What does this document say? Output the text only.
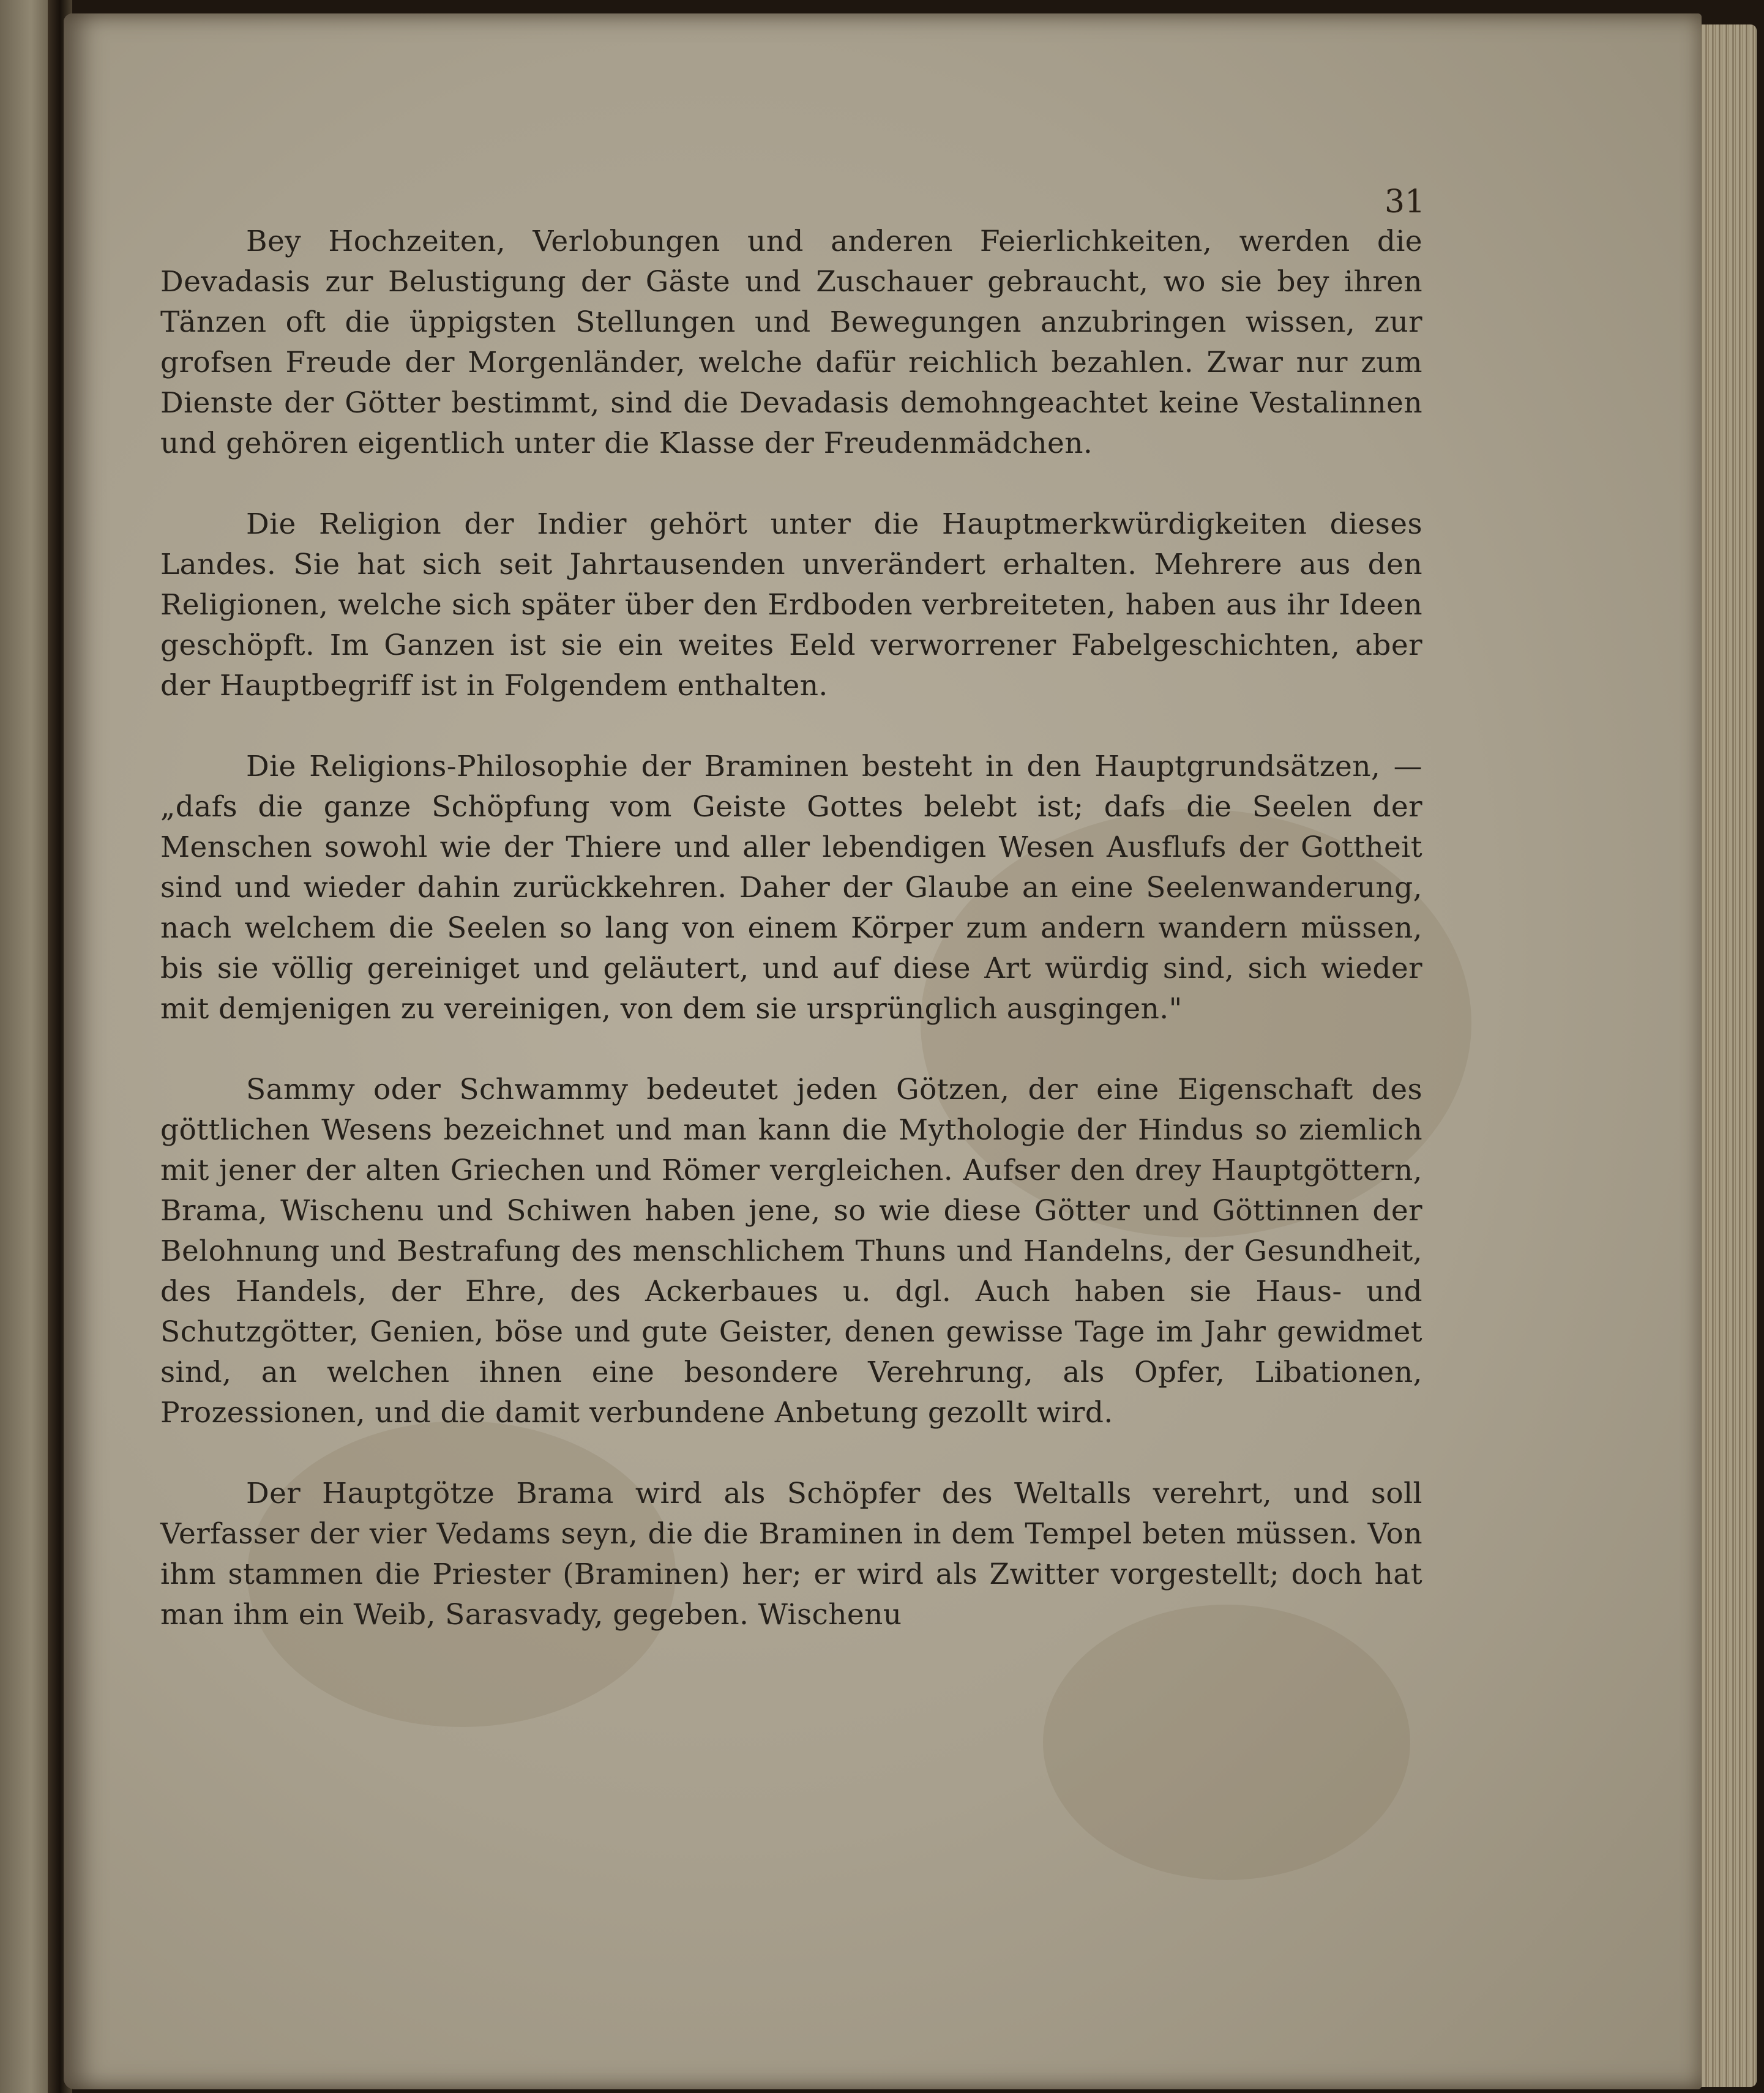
31

Bey Hochzeiten, Verlobungen und anderen Feierlichkeiten, werden die Devadasis zur Belustigung der Gäste und Zuschauer gebraucht, wo sie bey ihren Tänzen oft die üppigsten Stellungen und Bewegungen anzubringen wissen, zur grofsen Freude der Morgenländer, welche dafür reichlich bezahlen. Zwar nur zum Dienste der Götter bestimmt, sind die Devadasis demohngeachtet keine Vestalinnen und gehören eigentlich unter die Klasse der Freudenmädchen.

Die Religion der Indier gehört unter die Hauptmerkwürdigkeiten dieses Landes. Sie hat sich seit Jahrtausenden unverändert erhalten. Mehrere aus den Religionen, welche sich später über den Erdboden verbreiteten, haben aus ihr Ideen geschöpft. Im Ganzen ist sie ein weites Eeld verworrener Fabelgeschichten, aber der Hauptbegriff ist in Folgendem enthalten.

Die Religions-Philosophie der Braminen besteht in den Hauptgrundsätzen, — „dafs die ganze Schöpfung vom Geiste Gottes belebt ist; dafs die Seelen der Menschen sowohl wie der Thiere und aller lebendigen Wesen Ausflufs der Gottheit sind und wieder dahin zurückkehren. Daher der Glaube an eine Seelenwanderung, nach welchem die Seelen so lang von einem Körper zum andern wandern müssen, bis sie völlig gereiniget und geläutert, und auf diese Art würdig sind, sich wieder mit demjenigen zu vereinigen, von dem sie ursprünglich ausgingen."

Sammy oder Schwammy bedeutet jeden Götzen, der eine Eigenschaft des göttlichen Wesens bezeichnet und man kann die Mythologie der Hindus so ziemlich mit jener der alten Griechen und Römer vergleichen. Aufser den drey Hauptgöttern, Brama, Wischenu und Schiwen haben jene, so wie diese Götter und Göttinnen der Belohnung und Bestrafung des menschlichem Thuns und Handelns, der Gesundheit, des Handels, der Ehre, des Ackerbaues u. dgl. Auch haben sie Haus- und Schutzgötter, Genien, böse und gute Geister, denen gewisse Tage im Jahr gewidmet sind, an welchen ihnen eine besondere Verehrung, als Opfer, Libationen, Prozessionen, und die damit verbundene Anbetung gezollt wird.

Der Hauptgötze Brama wird als Schöpfer des Weltalls verehrt, und soll Verfasser der vier Vedams seyn, die die Braminen in dem Tempel beten müssen. Von ihm stammen die Priester (Braminen) her; er wird als Zwitter vorgestellt; doch hat man ihm ein Weib, Sarasvady, gegeben. Wischenu
